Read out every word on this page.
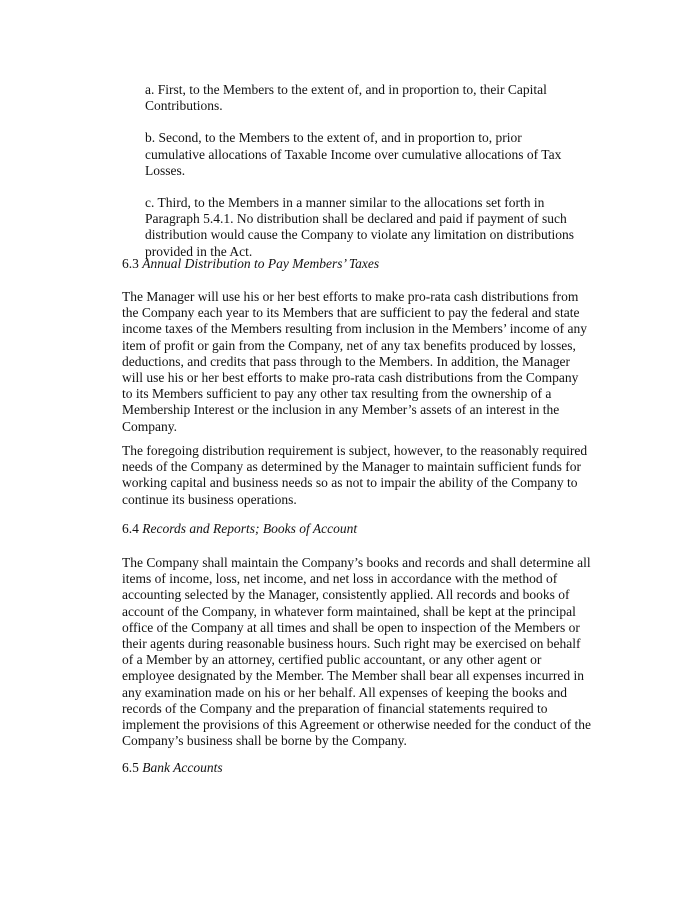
a. First, to the Members to the extent of, and in proportion to, their Capital Contributions.

b. Second, to the Members to the extent of, and in proportion to, prior cumulative allocations of Taxable Income over cumulative allocations of Tax Losses.

c. Third, to the Members in a manner similar to the allocations set forth in Paragraph 5.4.1. No distribution shall be declared and paid if payment of such distribution would cause the Company to violate any limitation on distributions provided in the Act.

6.3 Annual Distribution to Pay Members’ Taxes

The Manager will use his or her best efforts to make pro-rata cash distributions from the Company each year to its Members that are sufficient to pay the federal and state income taxes of the Members resulting from inclusion in the Members’ income of any item of profit or gain from the Company, net of any tax benefits produced by losses, deductions, and credits that pass through to the Members. In addition, the Manager will use his or her best efforts to make pro-rata cash distributions from the Company to its Members sufficient to pay any other tax resulting from the ownership of a Membership Interest or the inclusion in any Member’s assets of an interest in the Company.

The foregoing distribution requirement is subject, however, to the reasonably required needs of the Company as determined by the Manager to maintain sufficient funds for working capital and business needs so as not to impair the ability of the Company to continue its business operations.

6.4 Records and Reports; Books of Account

The Company shall maintain the Company’s books and records and shall determine all items of income, loss, net income, and net loss in accordance with the method of accounting selected by the Manager, consistently applied. All records and books of account of the Company, in whatever form maintained, shall be kept at the principal office of the Company at all times and shall be open to inspection of the Members or their agents during reasonable business hours. Such right may be exercised on behalf of a Member by an attorney, certified public accountant, or any other agent or employee designated by the Member. The Member shall bear all expenses incurred in any examination made on his or her behalf. All expenses of keeping the books and records of the Company and the preparation of financial statements required to implement the provisions of this Agreement or otherwise needed for the conduct of the Company’s business shall be borne by the Company.

6.5 Bank Accounts
